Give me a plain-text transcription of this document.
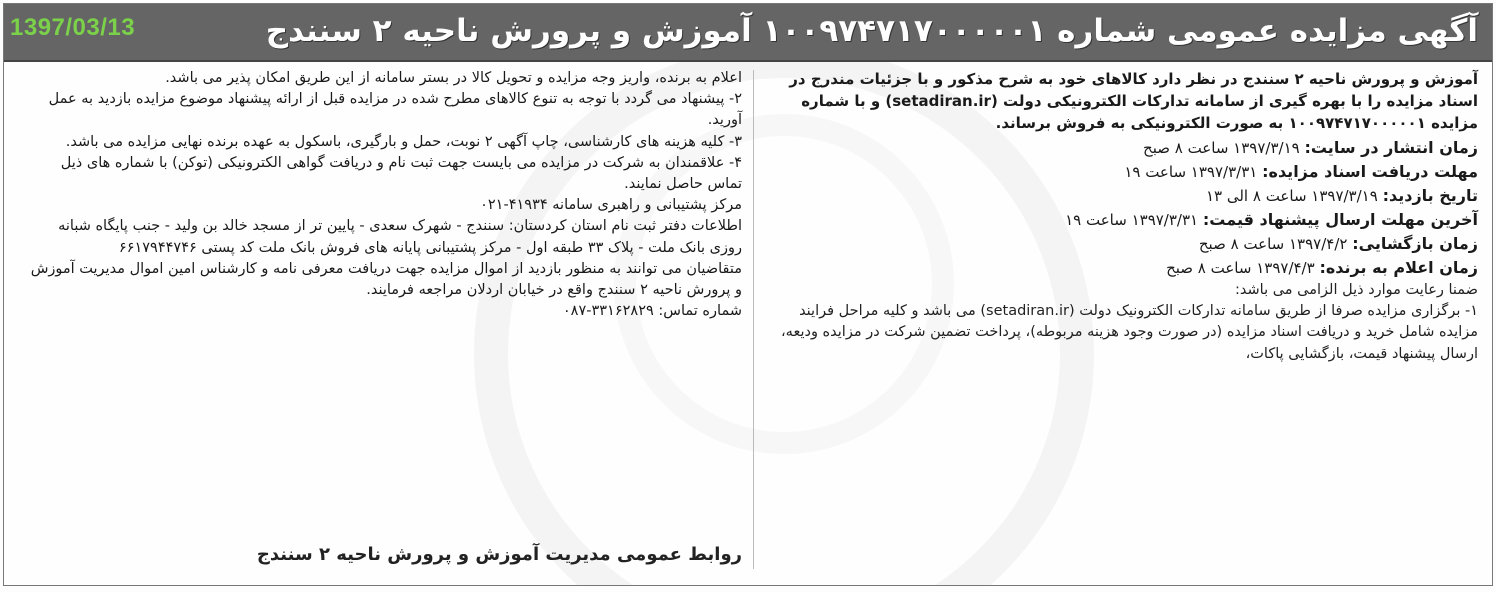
1397/03/13	آگهی مزایده عمومی شماره ۱۰۰۹۷۴۷۱۷۰۰۰۰۰۱ آموزش و پرورش ناحیه ۲ سنندج

آموزش و پرورش ناحیه ۲ سنندج در نظر دارد کالاهای خود به شرح مذکور و با جزئیات مندرج در اسناد مزایده را با بهره گیری از سامانه تدارکات الکترونیکی دولت (setadiran.ir) و با شماره مزایده ۱۰۰۹۷۴۷۱۷۰۰۰۰۰۱ به صورت الکترونیکی به فروش برساند.

زمان انتشار در سایت: ۱۳۹۷/۳/۱۹ ساعت ۸ صبح
مهلت دریافت اسناد مزایده: ۱۳۹۷/۳/۳۱ ساعت ۱۹
تاریخ بازدید: ۱۳۹۷/۳/۱۹ ساعت ۸ الی ۱۳
آخرین مهلت ارسال پیشنهاد قیمت: ۱۳۹۷/۳/۳۱ ساعت ۱۹
زمان بازگشایی: ۱۳۹۷/۴/۲ ساعت ۸ صبح
زمان اعلام به برنده: ۱۳۹۷/۴/۳ ساعت ۸ صبح

ضمنا رعایت موارد ذیل الزامی می باشد:

۱- برگزاری مزایده صرفا از طریق سامانه تدارکات الکترونیک دولت (setadiran.ir) می باشد و کلیه مراحل فرایند مزایده شامل خرید و دریافت اسناد مزایده (در صورت وجود هزینه مربوطه)، پرداخت تضمین شرکت در مزایده ودیعه، ارسال پیشنهاد قیمت، بازگشایی پاکات،

اعلام به برنده، واریز وجه مزایده و تحویل کالا در بستر سامانه از این طریق امکان پذیر می باشد.

۲- پیشنهاد می گردد با توجه به تنوع کالاهای مطرح شده در مزایده قبل از ارائه پیشنهاد موضوع مزایده بازدید به عمل آورید.

۳- کلیه هزینه های کارشناسی، چاپ آگهی ۲ نوبت، حمل و بارگیری، باسکول به عهده برنده نهایی مزایده می باشد.

۴- علاقمندان به شرکت در مزایده می بایست جهت ثبت نام و دریافت گواهی الکترونیکی (توکن) با شماره های ذیل تماس حاصل نمایند.

مرکز پشتیبانی و راهبری سامانه ۴۱۹۳۴-۰۲۱

اطلاعات دفتر ثبت نام استان کردستان: سنندج - شهرک سعدی - پایین تر از مسجد خالد بن ولید - جنب پایگاه شبانه روزی بانک ملت - پلاک ۳۳ طبقه اول - مرکز پشتیبانی پایانه های فروش بانک ملت کد پستی ۶۶۱۷۹۴۴۷۴۶

متقاضیان می توانند به منظور بازدید از اموال مزایده جهت دریافت معرفی نامه و کارشناس امین اموال مدیریت آموزش و پرورش ناحیه ۲ سنندج واقع در خیابان اردلان مراجعه فرمایند.

شماره تماس: ۳۳۱۶۲۸۲۹-۰۸۷

روابط عمومی مدیریت آموزش و پرورش ناحیه ۲ سنندج
